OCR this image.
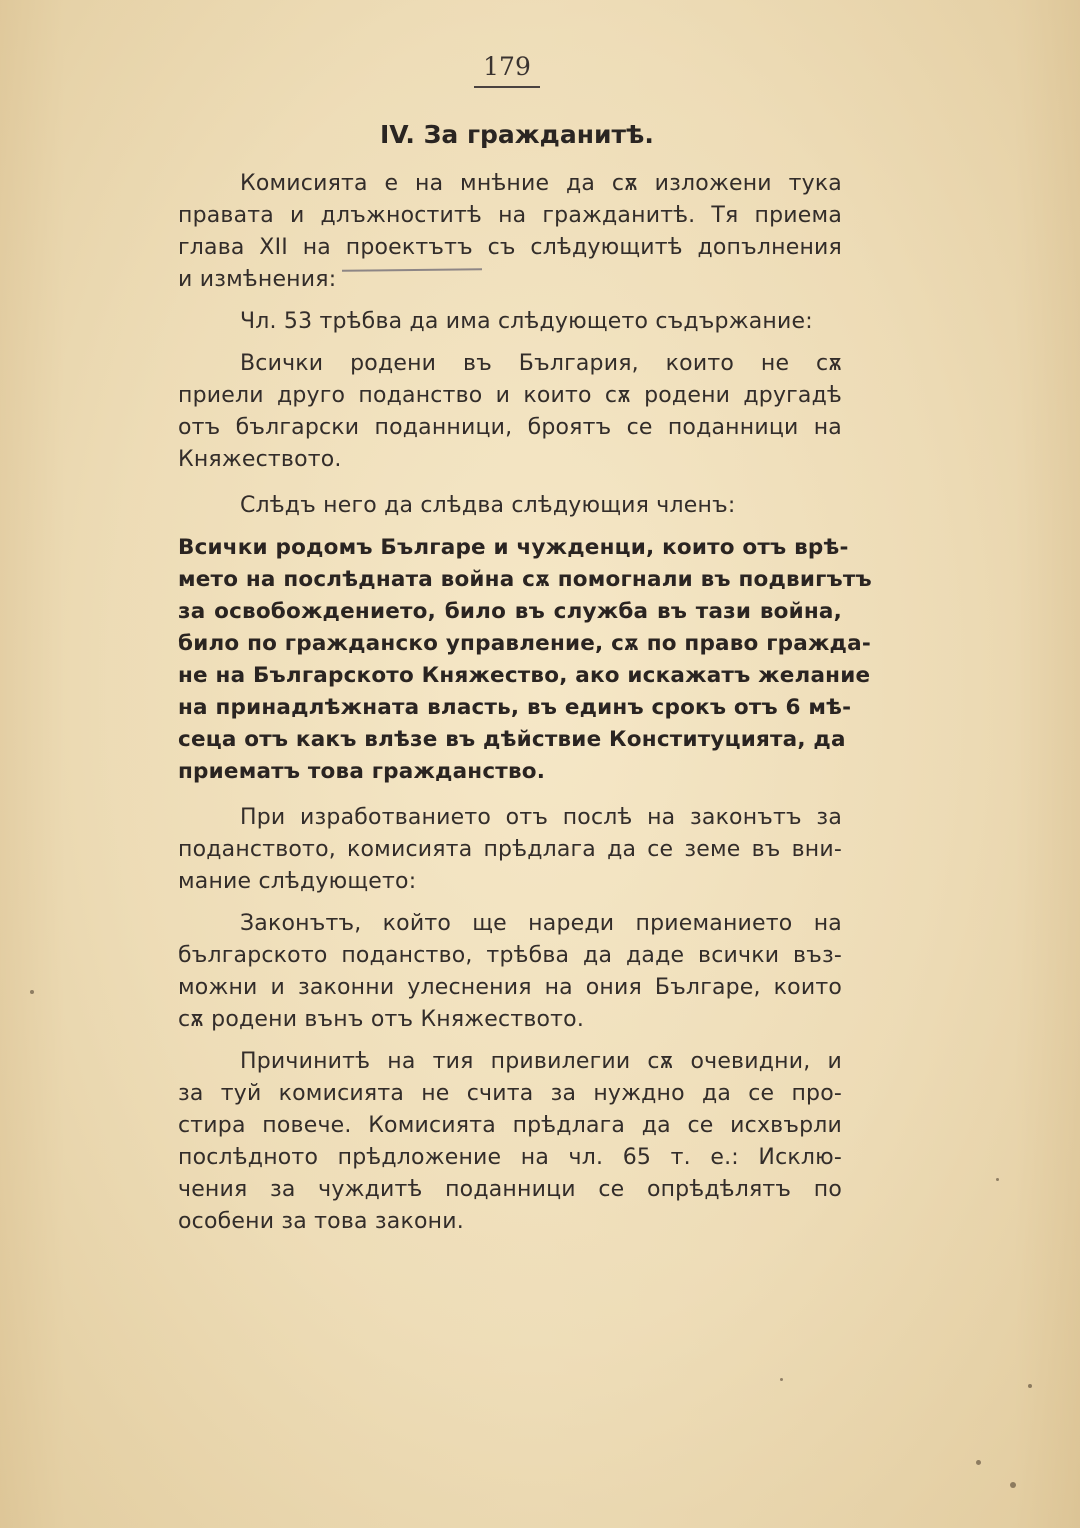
179
IV. За гражданитѣ.
Комисията е на мнѣние да сѫ изложени тука
правата и длъжноститѣ на гражданитѣ. Тя приема
глава XII на проектътъ съ слѣдующитѣ допълнения
и измѣнения:
Чл. 53 трѣбва да има слѣдующето съдържание:
Всички родени въ България, които не сѫ
приели друго поданство и които сѫ родени другадѣ
отъ български поданници, броятъ се поданници на
Княжеството.
Слѣдъ него да слѣдва слѣдующия членъ:
Всички родомъ Българе и чужденци, които отъ врѣ-
мето на послѣдната война сѫ помогнали въ подвигътъ
за освобождението, било въ служба въ тази война,
било по гражданско управление, сѫ по право гражда-
не на Българското Княжество, ако искажатъ желание
на принадлѣжната власть, въ единъ срокъ отъ 6 мѣ-
сеца отъ какъ влѣзе въ дѣйствие Конституцията, да
приематъ това гражданство.
При изработванието отъ послѣ на законътъ за
поданството, комисията прѣдлага да се земе въ вни-
мание слѣдующето:
Законътъ, който ще нареди приеманието на
българското поданство, трѣбва да даде всички въз-
можни и законни улеснения на ония Българе, които
сѫ родени вънъ отъ Княжеството.
Причинитѣ на тия привилегии сѫ очевидни, и
за туй комисията не счита за нуждно да се про-
стира повече. Комисията прѣдлага да се исхвърли
послѣдното прѣдложение на чл. 65 т. е.: Исклю-
чения за чуждитѣ поданници се опрѣдѣлятъ по
особени за това закони.
